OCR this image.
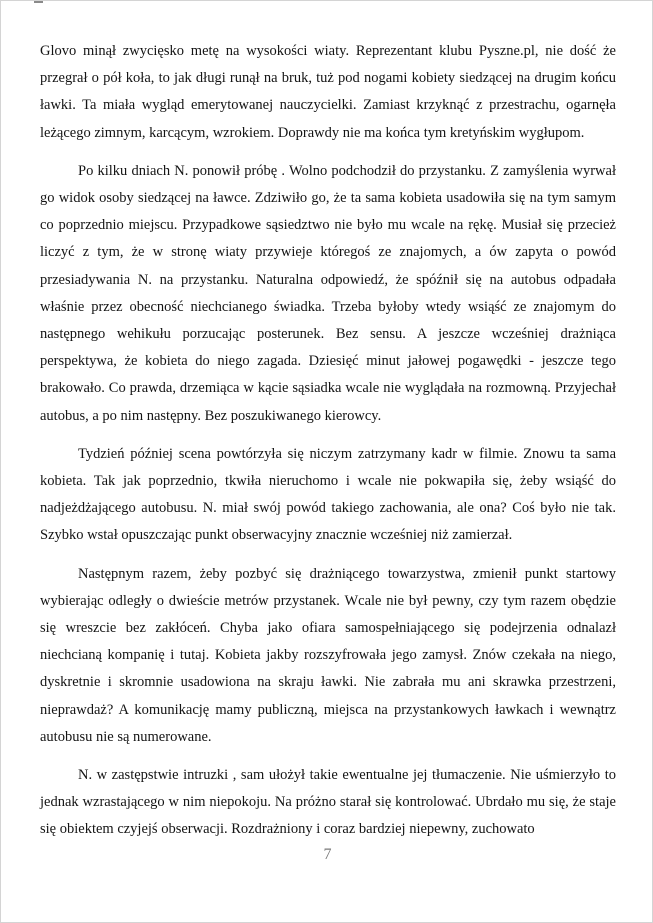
Glovo minął zwycięsko metę na wysokości wiaty. Reprezentant klubu Pyszne.pl, nie dość że przegrał o pół koła, to jak długi runął na bruk, tuż pod nogami kobiety siedzącej na drugim końcu ławki. Ta miała wygląd emerytowanej nauczycielki. Zamiast krzyknąć z przestrachu, ogarnęła leżącego zimnym, karcącym, wzrokiem. Doprawdy nie ma końca tym kretyńskim wygłupom.

Po kilku dniach N. ponowił próbę . Wolno podchodził do przystanku. Z zamyślenia wyrwał go widok osoby siedzącej na ławce. Zdziwiło go, że ta sama kobieta usadowiła się na tym samym co poprzednio miejscu. Przypadkowe sąsiedztwo nie było mu wcale na rękę. Musiał się przecież liczyć z tym, że w stronę wiaty przywieje któregoś ze znajomych, a ów zapyta o powód przesiadywania N. na przystanku. Naturalna odpowiedź, że spóźnił się na autobus odpadała właśnie przez obecność niechcianego świadka. Trzeba byłoby wtedy wsiąść ze znajomym do następnego wehikułu porzucając posterunek. Bez sensu. A jeszcze wcześniej drażniąca perspektywa, że kobieta do niego zagada. Dziesięć minut jałowej pogawędki - jeszcze tego brakowało. Co prawda, drzemiąca w kącie sąsiadka wcale nie wyglądała na rozmowną. Przyjechał autobus, a po nim następny. Bez poszukiwanego kierowcy.

Tydzień później scena powtórzyła się niczym zatrzymany kadr w filmie. Znowu ta sama kobieta. Tak jak poprzednio, tkwiła nieruchomo i wcale nie pokwapiła się, żeby wsiąść do nadjeżdżającego autobusu. N. miał swój powód takiego zachowania, ale ona? Coś było nie tak. Szybko wstał opuszczając punkt obserwacyjny znacznie wcześniej niż zamierzał.

Następnym razem, żeby pozbyć się drażniącego towarzystwa, zmienił punkt startowy wybierając odległy o dwieście metrów przystanek. Wcale nie był pewny, czy tym razem obędzie się wreszcie bez zakłóceń. Chyba jako ofiara samospełniającego się podejrzenia odnalazł niechcianą kompanię i tutaj. Kobieta jakby rozszyfrowała jego zamysł. Znów czekała na niego, dyskretnie i skromnie usadowiona na skraju ławki. Nie zabrała mu ani skrawka przestrzeni, nieprawdaż? A komunikację mamy publiczną, miejsca na przystankowych ławkach i wewnątrz autobusu nie są numerowane.

N. w zastępstwie intruzki , sam ułożył takie ewentualne jej tłumaczenie. Nie uśmierzyło to jednak wzrastającego w nim niepokoju. Na próżno starał się kontrolować. Ubrdało mu się, że staje się obiektem czyjejś obserwacji. Rozdrażniony i coraz bardziej niepewny, zuchowato

7
